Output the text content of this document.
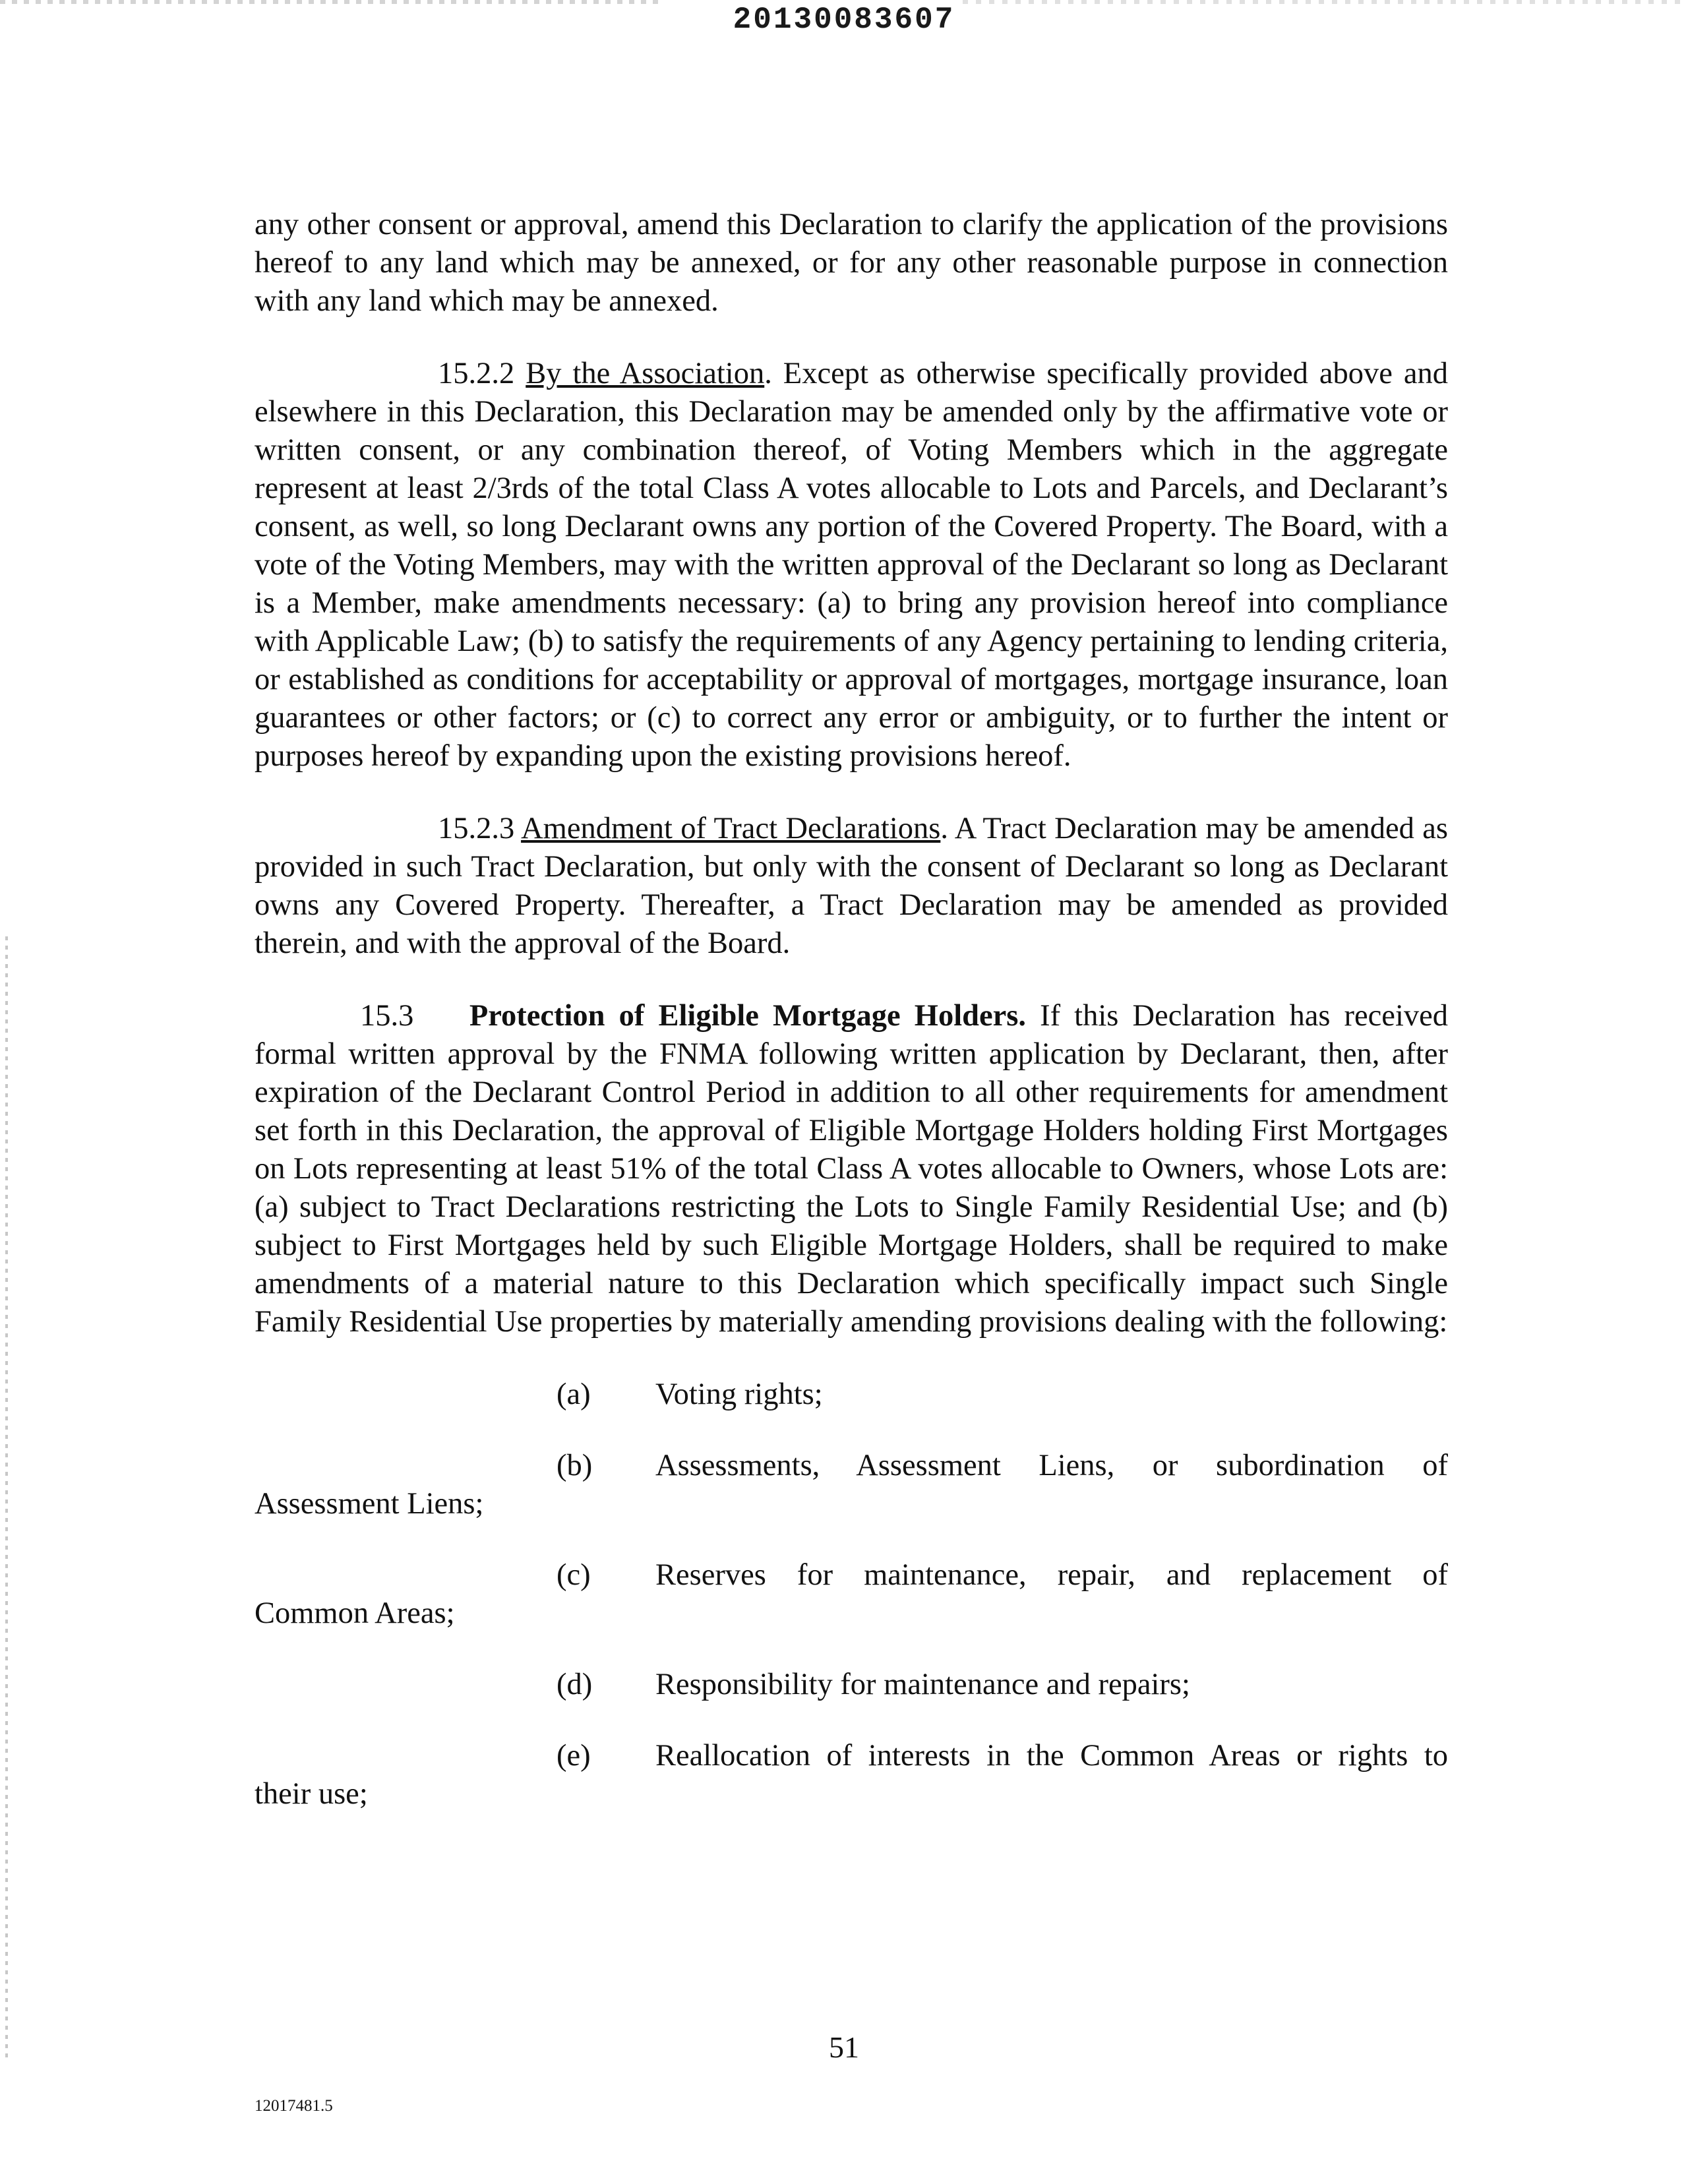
20130083607

any other consent or approval, amend this Declaration to clarify the application of the provisions hereof to any land which may be annexed, or for any other reasonable purpose in connection with any land which may be annexed.

15.2.2 By the Association. Except as otherwise specifically provided above and elsewhere in this Declaration, this Declaration may be amended only by the affirmative vote or written consent, or any combination thereof, of Voting Members which in the aggregate represent at least 2/3rds of the total Class A votes allocable to Lots and Parcels, and Declarant’s consent, as well, so long Declarant owns any portion of the Covered Property. The Board, with a vote of the Voting Members, may with the written approval of the Declarant so long as Declarant is a Member, make amendments necessary: (a) to bring any provision hereof into compliance with Applicable Law; (b) to satisfy the requirements of any Agency pertaining to lending criteria, or established as conditions for acceptability or approval of mortgages, mortgage insurance, loan guarantees or other factors; or (c) to correct any error or ambiguity, or to further the intent or purposes hereof by expanding upon the existing provisions hereof.

15.2.3 Amendment of Tract Declarations. A Tract Declaration may be amended as provided in such Tract Declaration, but only with the consent of Declarant so long as Declarant owns any Covered Property. Thereafter, a Tract Declaration may be amended as provided therein, and with the approval of the Board.

15.3 Protection of Eligible Mortgage Holders. If this Declaration has received formal written approval by the FNMA following written application by Declarant, then, after expiration of the Declarant Control Period in addition to all other requirements for amendment set forth in this Declaration, the approval of Eligible Mortgage Holders holding First Mortgages on Lots representing at least 51% of the total Class A votes allocable to Owners, whose Lots are: (a) subject to Tract Declarations restricting the Lots to Single Family Residential Use; and (b) subject to First Mortgages held by such Eligible Mortgage Holders, shall be required to make amendments of a material nature to this Declaration which specifically impact such Single Family Residential Use properties by materially amending provisions dealing with the following:

(a) Voting rights;
(b) Assessments, Assessment Liens, or subordination of

Assessment Liens;

(c) Reserves for maintenance, repair, and replacement of

Common Areas;

(d) Responsibility for maintenance and repairs;
(e) Reallocation of interests in the Common Areas or rights to

their use;

51
12017481.5
